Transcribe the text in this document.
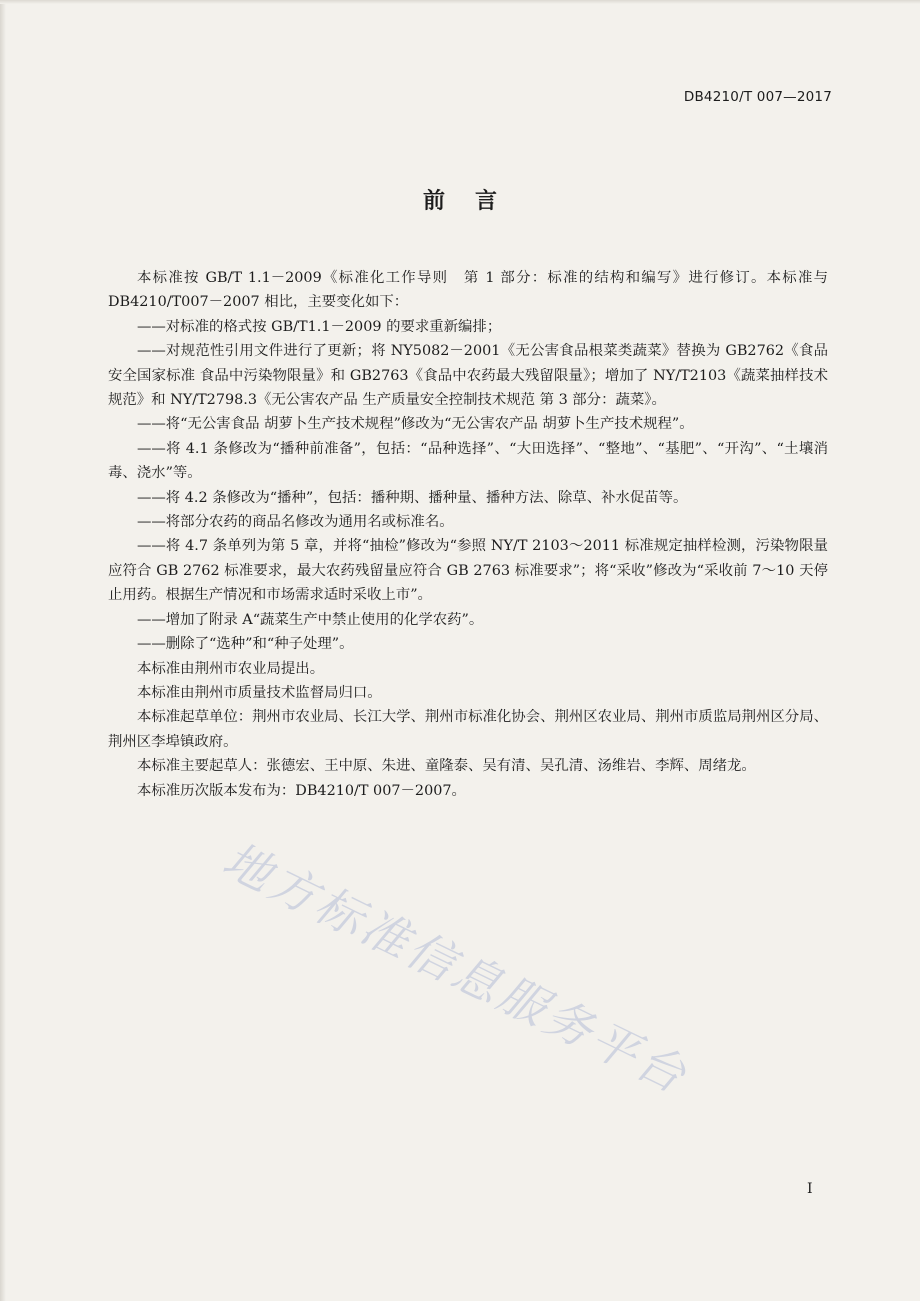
DB4210/T 007—2017
前言

本标准按 GB/T 1.1－2009《标准化工作导则　第 1 部分：标准的结构和编写》进行修订。本标准与 DB4210/T007－2007 相比，主要变化如下：

——对标准的格式按 GB/T1.1－2009 的要求重新编排；

——对规范性引用文件进行了更新；将 NY5082－2001《无公害食品根菜类蔬菜》替换为 GB2762《食品安全国家标准 食品中污染物限量》和 GB2763《食品中农药最大残留限量》；增加了 NY/T2103《蔬菜抽样技术规范》和 NY/T2798.3《无公害农产品 生产质量安全控制技术规范 第 3 部分：蔬菜》。

——将“无公害食品 胡萝卜生产技术规程”修改为“无公害农产品 胡萝卜生产技术规程”。

——将 4.1 条修改为“播种前准备”，包括：“品种选择”、“大田选择”、“整地”、“基肥”、“开沟”、“土壤消毒、浇水”等。

——将 4.2 条修改为“播种”，包括：播种期、播种量、播种方法、除草、补水促苗等。

——将部分农药的商品名修改为通用名或标准名。

——将 4.7 条单列为第 5 章，并将“抽检”修改为“参照 NY/T 2103～2011 标准规定抽样检测，污染物限量应符合 GB 2762 标准要求，最大农药残留量应符合 GB 2763 标准要求”；将“采收”修改为“采收前 7～10 天停止用药。根据生产情况和市场需求适时采收上市”。

——增加了附录 A“蔬菜生产中禁止使用的化学农药”。

——删除了“选种”和“种子处理”。

本标准由荆州市农业局提出。

本标准由荆州市质量技术监督局归口。

本标准起草单位：荆州市农业局、长江大学、荆州市标准化协会、荆州区农业局、荆州市质监局荆州区分局、荆州区李埠镇政府。

本标准主要起草人：张德宏、王中原、朱进、童隆泰、吴有清、吴孔清、汤维岩、李辉、周绪龙。

本标准历次版本发布为：DB4210/T 007－2007。

地方标准信息服务平台
I
